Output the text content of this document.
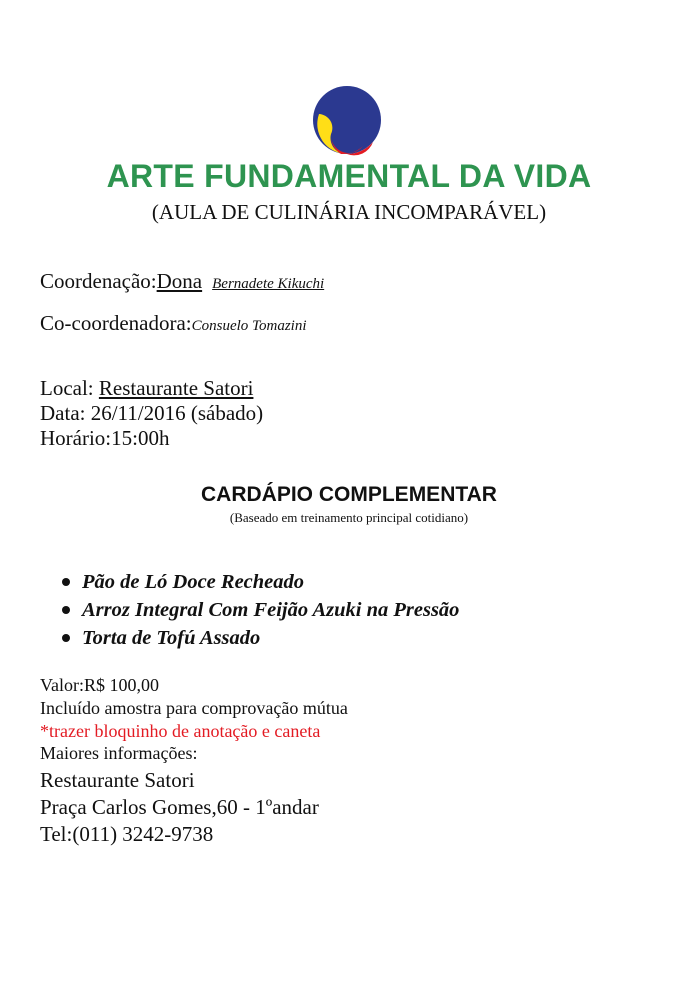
ARTE FUNDAMENTAL DA VIDA
(AULA DE CULINÁRIA INCOMPARÁVEL)
Coordenação:Dona Bernadete Kikuchi
Co-coordenadora:Consuelo Tomazini
Local: Restaurante Satori
Data: 26/11/2016 (sábado)
Horário:15:00h
CARDÁPIO COMPLEMENTAR
(Baseado em treinamento principal cotidiano)
Pão de Ló Doce Recheado
Arroz Integral Com Feijão Azuki na Pressão
Torta de Tofú Assado
Valor:R$ 100,00
Incluído amostra para comprovação mútua
*trazer bloquinho de anotação e caneta
Maiores informações:
Restaurante Satori
Praça Carlos Gomes,60 - 1ºandar
Tel:(011) 3242-9738
